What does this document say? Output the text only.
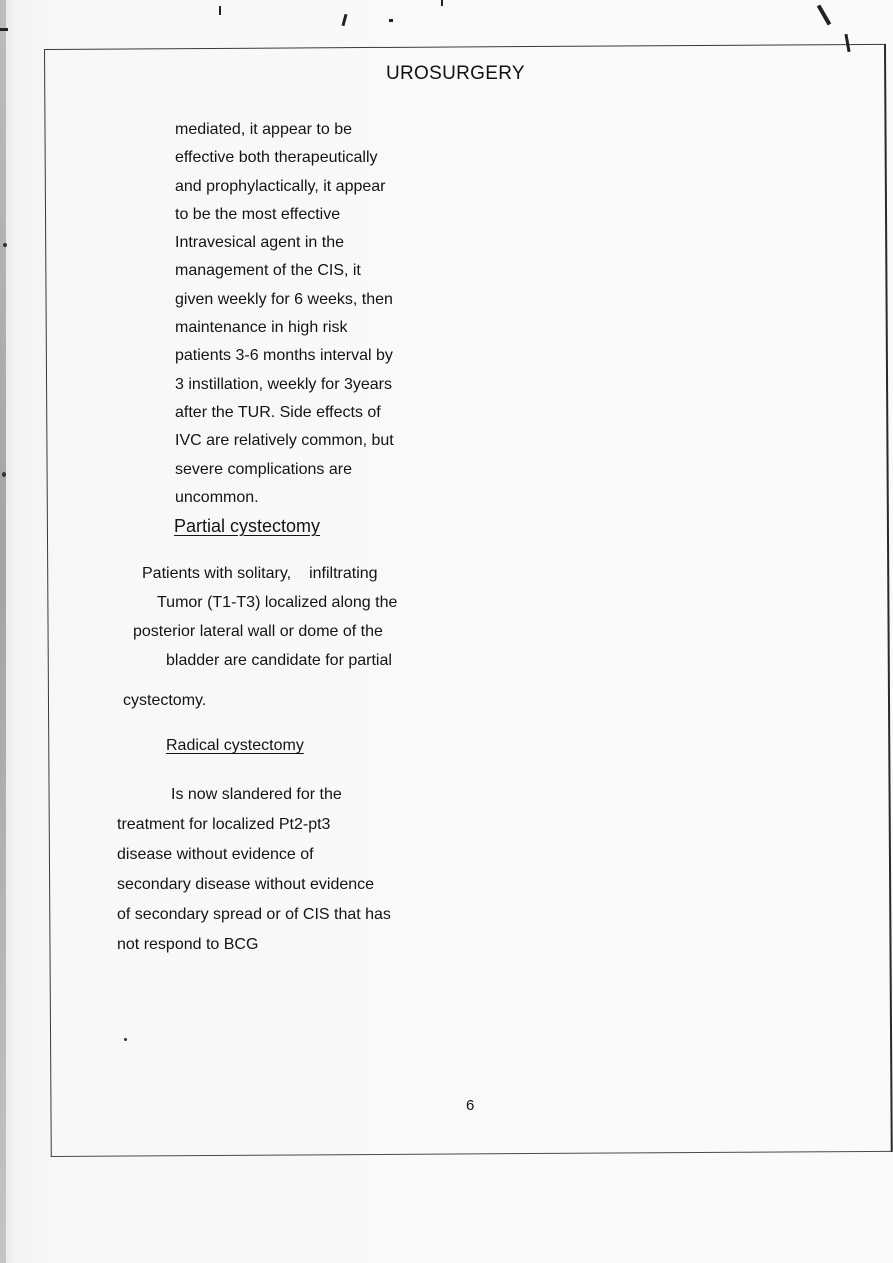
UROSURGERY
mediated, it appear to be
effective both therapeutically
and prophylactically, it appear
to be the most effective
Intravesical agent in the
management of the CIS, it
given weekly for 6 weeks, then
maintenance in high risk
patients 3-6 months interval by
3 instillation, weekly for 3years
after the TUR. Side effects of
IVC are relatively common, but
severe complications are
uncommon.
Partial cystectomy
Patients with solitary, infiltrating
Tumor (T1-T3) localized along the
posterior lateral wall or dome of the
bladder are candidate for partial
cystectomy.
Radical cystectomy
Is now slandered for the
treatment for localized Pt2-pt3
disease without evidence of
secondary disease without evidence
of secondary spread or of CIS that has
not respond to BCG
6
